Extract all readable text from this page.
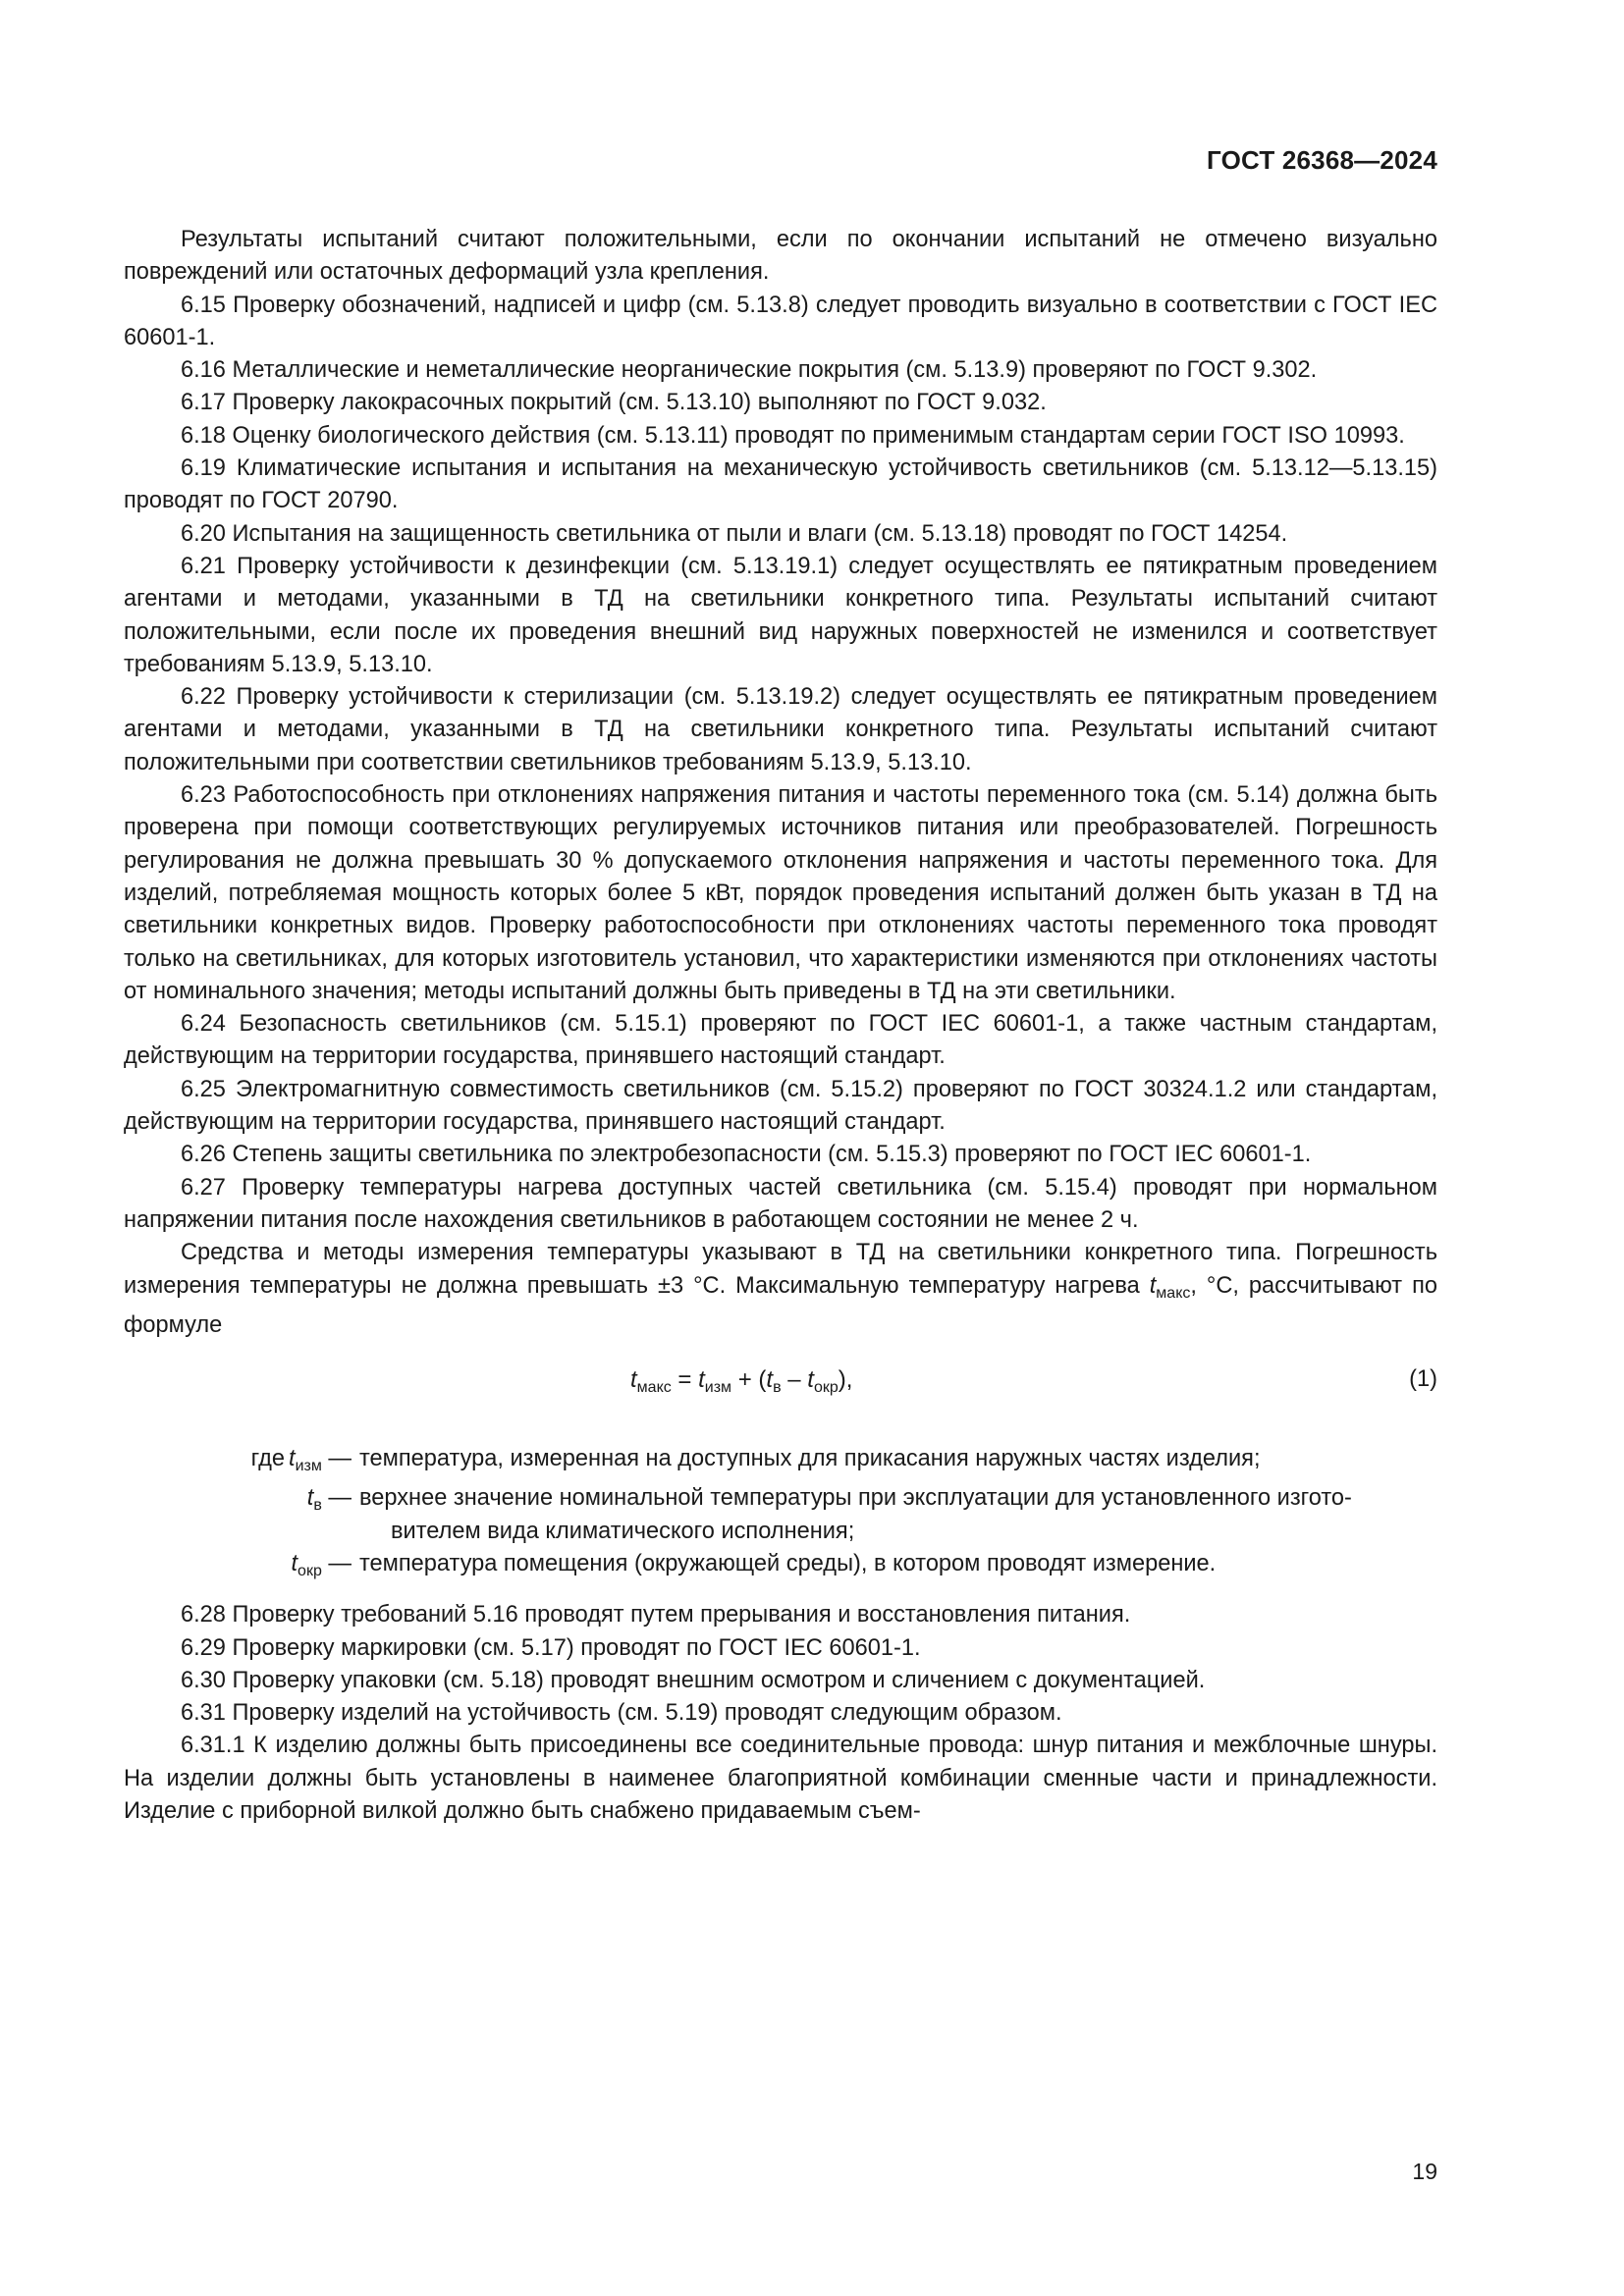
ГОСТ 26368—2024

Результаты испытаний считают положительными, если по окончании испытаний не отмечено визуально повреждений или остаточных деформаций узла крепления.

6.15 Проверку обозначений, надписей и цифр (см. 5.13.8) следует проводить визуально в соответствии с ГОСТ IEC 60601-1.

6.16 Металлические и неметаллические неорганические покрытия (см. 5.13.9) проверяют по ГОСТ 9.302.

6.17 Проверку лакокрасочных покрытий (см. 5.13.10) выполняют по ГОСТ 9.032.

6.18 Оценку биологического действия (см. 5.13.11) проводят по применимым стандартам серии ГОСТ ISO 10993.

6.19 Климатические испытания и испытания на механическую устойчивость светильников (см. 5.13.12—5.13.15) проводят по ГОСТ 20790.

6.20 Испытания на защищенность светильника от пыли и влаги (см. 5.13.18) проводят по ГОСТ 14254.

6.21 Проверку устойчивости к дезинфекции (см. 5.13.19.1) следует осуществлять ее пятикратным проведением агентами и методами, указанными в ТД на светильники конкретного типа. Результаты испытаний считают положительными, если после их проведения внешний вид наружных поверхностей не изменился и соответствует требованиям 5.13.9, 5.13.10.

6.22 Проверку устойчивости к стерилизации (см. 5.13.19.2) следует осуществлять ее пятикратным проведением агентами и методами, указанными в ТД на светильники конкретного типа. Результаты испытаний считают положительными при соответствии светильников требованиям 5.13.9, 5.13.10.

6.23 Работоспособность при отклонениях напряжения питания и частоты переменного тока (см. 5.14) должна быть проверена при помощи соответствующих регулируемых источников питания или преобразователей. Погрешность регулирования не должна превышать 30 % допускаемого отклонения напряжения и частоты переменного тока. Для изделий, потребляемая мощность которых более 5 кВт, порядок проведения испытаний должен быть указан в ТД на светильники конкретных видов. Проверку работоспособности при отклонениях частоты переменного тока проводят только на светильниках, для которых изготовитель установил, что характеристики изменяются при отклонениях частоты от номинального значения; методы испытаний должны быть приведены в ТД на эти светильники.

6.24 Безопасность светильников (см. 5.15.1) проверяют по ГОСТ IEC 60601-1, а также частным стандартам, действующим на территории государства, принявшего настоящий стандарт.

6.25 Электромагнитную совместимость светильников (см. 5.15.2) проверяют по ГОСТ 30324.1.2 или стандартам, действующим на территории государства, принявшего настоящий стандарт.

6.26 Степень защиты светильника по электробезопасности (см. 5.15.3) проверяют по ГОСТ IEC 60601-1.

6.27 Проверку температуры нагрева доступных частей светильника (см. 5.15.4) проводят при нормальном напряжении питания после нахождения светильников в работающем состоянии не менее 2 ч.

Средства и методы измерения температуры указывают в ТД на светильники конкретного типа. Погрешность измерения температуры не должна превышать ±3 °С. Максимальную температуру нагрева $t_{макс}$, °С, рассчитывают по формуле

$t_{макс} = t_{изм} + (t_в - t_{окр})$,	(1)
где $t_{изм}$ — температура, измеренная на доступных для прикасания наружных частях изделия;
$t_в$ — верхнее значение номинальной температуры при эксплуатации для установленного изгото-
вителем вида климатического исполнения;
$t_{окр}$ — температура помещения (окружающей среды), в котором проводят измерение.

6.28 Проверку требований 5.16 проводят путем прерывания и восстановления питания.

6.29 Проверку маркировки (см. 5.17) проводят по ГОСТ IEC 60601-1.

6.30 Проверку упаковки (см. 5.18) проводят внешним осмотром и сличением с документацией.

6.31 Проверку изделий на устойчивость (см. 5.19) проводят следующим образом.

6.31.1 К изделию должны быть присоединены все соединительные провода: шнур питания и межблочные шнуры. На изделии должны быть установлены в наименее благоприятной комбинации сменные части и принадлежности. Изделие с приборной вилкой должно быть снабжено придаваемым съем-

19
